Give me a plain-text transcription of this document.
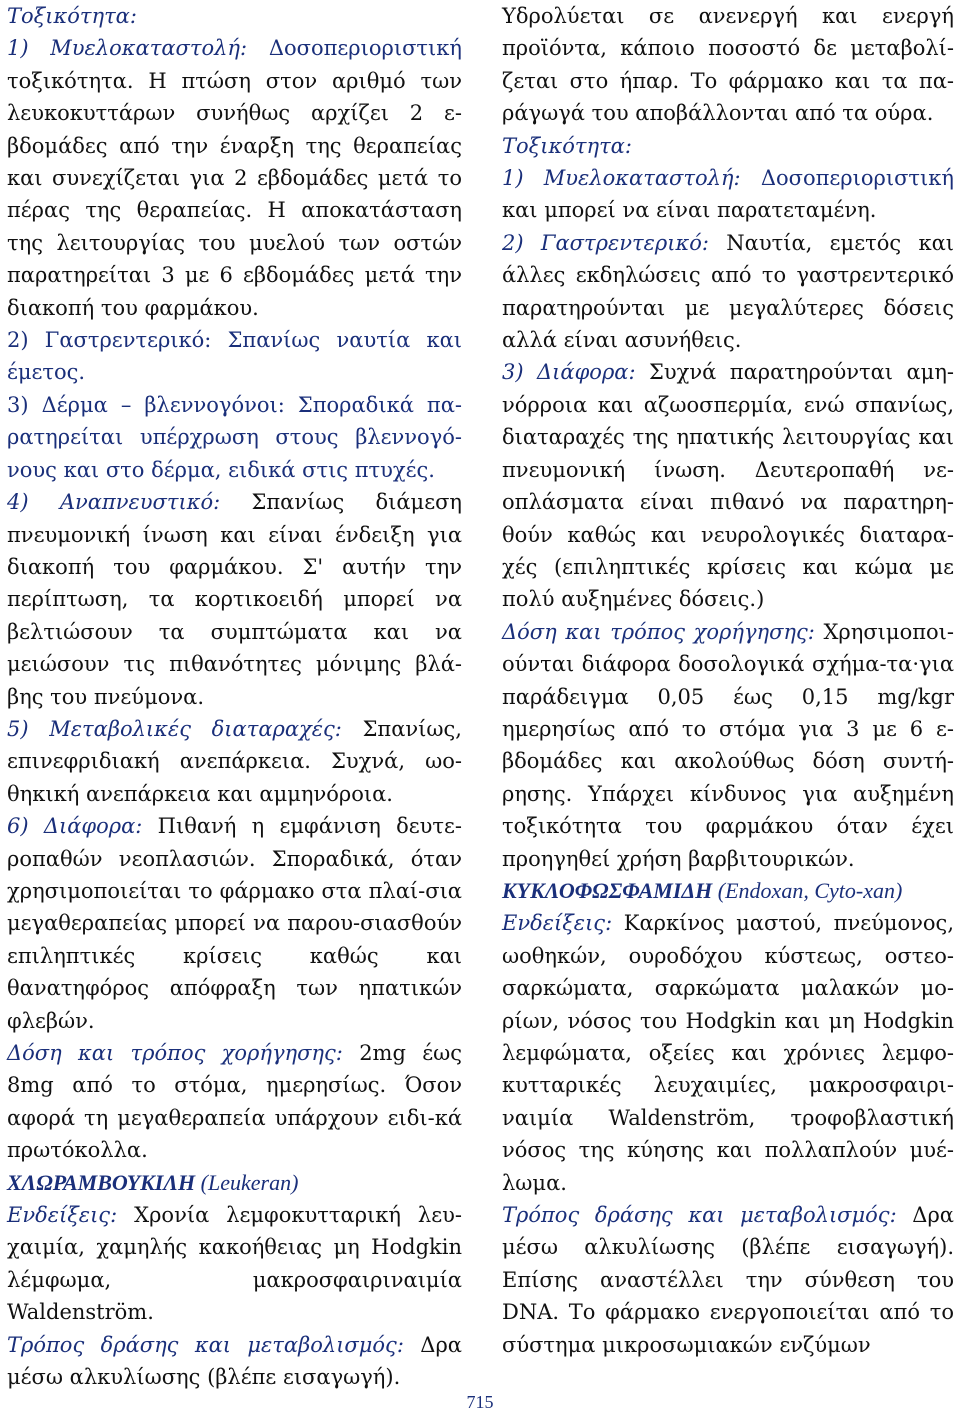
Τοξικότητα:

1) Μυελοκαταστολή: Δοσοπεριοριστική τοξικότητα. Η πτώση στον αριθμό των λευκοκυττάρων συνήθως αρχίζει 2 ε-βδομάδες από την έναρξη της θεραπείας και συνεχίζεται για 2 εβδομάδες μετά το πέρας της θεραπείας. Η αποκατάσταση της λειτουργίας του μυελού των οστών παρατηρείται 3 με 6 εβδομάδες μετά την διακοπή του φαρμάκου.

2) Γαστρεντερικό: Σπανίως ναυτία και έμετος.

3) Δέρμα – βλεννογόνοι: Σποραδικά πα-ρατηρείται υπέρχρωση στους βλεννογό-νους και στο δέρμα, ειδικά στις πτυχές.

4) Αναπνευστικό: Σπανίως διάμεση πνευμονική ίνωση και είναι ένδειξη για διακοπή του φαρμάκου. Σ' αυτήν την περίπτωση, τα κορτικοειδή μπορεί να βελτιώσουν τα συμπτώματα και να μειώσουν τις πιθανότητες μόνιμης βλά-βης του πνεύμονα.

5) Μεταβολικές διαταραχές: Σπανίως, επινεφριδιακή ανεπάρκεια. Συχνά, ωο-θηκική ανεπάρκεια και αμμηνόροια.

6) Διάφορα: Πιθανή η εμφάνιση δευτε-ροπαθών νεοπλασιών. Σποραδικά, όταν χρησιμοποιείται το φάρμακο στα πλαί-σια μεγαθεραπείας μπορεί να παρου-σιασθούν επιληπτικές κρίσεις καθώς και θανατηφόρος απόφραξη των ηπατικών φλεβών.

Δόση και τρόπος χορήγησης: 2mg έως 8mg από το στόμα, ημερησίως. Όσον αφορά τη μεγαθεραπεία υπάρχουν ειδι-κά πρωτόκολλα.

ΧΛΩΡΑΜΒΟΥΚΙΛΗ (Leukeran)

Ενδείξεις: Χρονία λεμφοκυτταρική λευ-χαιμία, χαμηλής κακοήθειας μη Hodgkin λέμφωμα, μακροσφαιριναιμία Waldenström.

Τρόπος δράσης και μεταβολισμός: Δρα μέσω αλκυλίωσης (βλέπε εισαγωγή).

Υδρολύεται σε ανενεργή και ενεργή προϊόντα, κάποιο ποσοστό δε μεταβολί-ζεται στο ήπαρ. Το φάρμακο και τα πα-ράγωγά του αποβάλλονται από τα ούρα.

Τοξικότητα:

1) Μυελοκαταστολή: Δοσοπεριοριστική και μπορεί να είναι παρατεταμένη.

2) Γαστρεντερικό: Ναυτία, εμετός και άλλες εκδηλώσεις από το γαστρεντερικό παρατηρούνται με μεγαλύτερες δόσεις αλλά είναι ασυνήθεις.

3) Διάφορα: Συχνά παρατηρούνται αμη-νόρροια και αζωοσπερμία, ενώ σπανίως, διαταραχές της ηπατικής λειτουργίας και πνευμονική ίνωση. Δευτεροπαθή νε-οπλάσματα είναι πιθανό να παρατηρη-θούν καθώς και νευρολογικές διαταρα-χές (επιληπτικές κρίσεις και κώμα με πολύ αυξημένες δόσεις.)

Δόση και τρόπος χορήγησης: Χρησιμοποι-ούνται διάφορα δοσολογικά σχήμα-τα·για παράδειγμα 0,05 έως 0,15 mg/kgr ημερησίως από το στόμα για 3 με 6 ε-βδομάδες και ακολούθως δόση συντή-ρησης. Υπάρχει κίνδυνος για αυξημένη τοξικότητα του φαρμάκου όταν έχει προηγηθεί χρήση βαρβιτουρικών.

ΚΥΚΛΟΦΩΣΦΑΜΙΔΗ (Endoxan, Cyto-xan)

Ενδείξεις: Καρκίνος μαστού, πνεύμονος, ωοθηκών, ουροδόχου κύστεως, οστεο-σαρκώματα, σαρκώματα μαλακών μο-ρίων, νόσος του Hodgkin και μη Hodgkin λεμφώματα, οξείες και χρόνιες λεμφο-κυτταρικές λευχαιμίες, μακροσφαιρι-ναιμία Waldenström, τροφοβλαστική νόσος της κύησης και πολλαπλούν μυέ-λωμα.

Τρόπος δράσης και μεταβολισμός: Δρα μέσω αλκυλίωσης (βλέπε εισαγωγή). Επίσης αναστέλλει την σύνθεση του DNA. Το φάρμακο ενεργοποιείται από το σύστημα μικροσωμιακών ενζύμων

715
